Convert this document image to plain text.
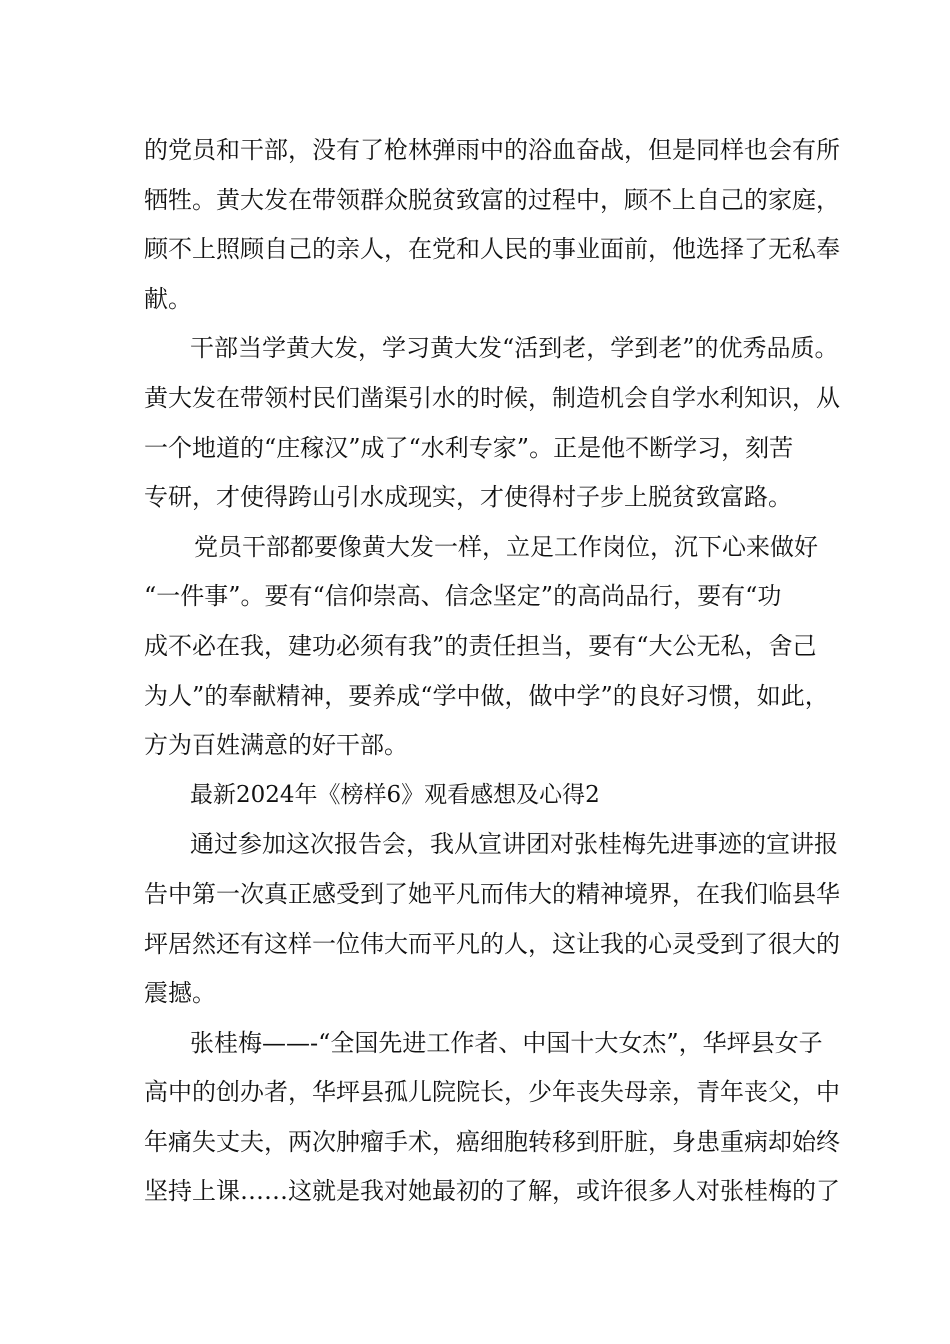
的党员和干部，没有了枪林弹雨中的浴血奋战，但是同样也会有所
牺牲。黄大发在带领群众脱贫致富的过程中，顾不上自己的家庭，
顾不上照顾自己的亲人，在党和人民的事业面前，他选择了无私奉
献。

干部当学黄大发，学习黄大发“活到老，学到老”的优秀品质。
黄大发在带领村民们凿渠引水的时候，制造机会自学水利知识，从
一个地道的“庄稼汉”成了“水利专家”。正是他不断学习，刻苦
专研，才使得跨山引水成现实，才使得村子步上脱贫致富路。

党员干部都要像黄大发一样，立足工作岗位，沉下心来做好
“一件事”。要有“信仰崇高、信念坚定”的高尚品行，要有“功
成不必在我，建功必须有我”的责任担当，要有“大公无私，舍己
为人”的奉献精神，要养成“学中做，做中学”的良好习惯，如此，
方为百姓满意的好干部。

最新2024年《榜样6》观看感想及心得2

通过参加这次报告会，我从宣讲团对张桂梅先进事迹的宣讲报
告中第一次真正感受到了她平凡而伟大的精神境界，在我们临县华
坪居然还有这样一位伟大而平凡的人，这让我的心灵受到了很大的
震撼。

张桂梅——-“全国先进工作者、中国十大女杰”，华坪县女子
高中的创办者，华坪县孤儿院院长，少年丧失母亲，青年丧父，中
年痛失丈夫，两次肿瘤手术，癌细胞转移到肝脏，身患重病却始终
坚持上课……这就是我对她最初的了解，或许很多人对张桂梅的了
